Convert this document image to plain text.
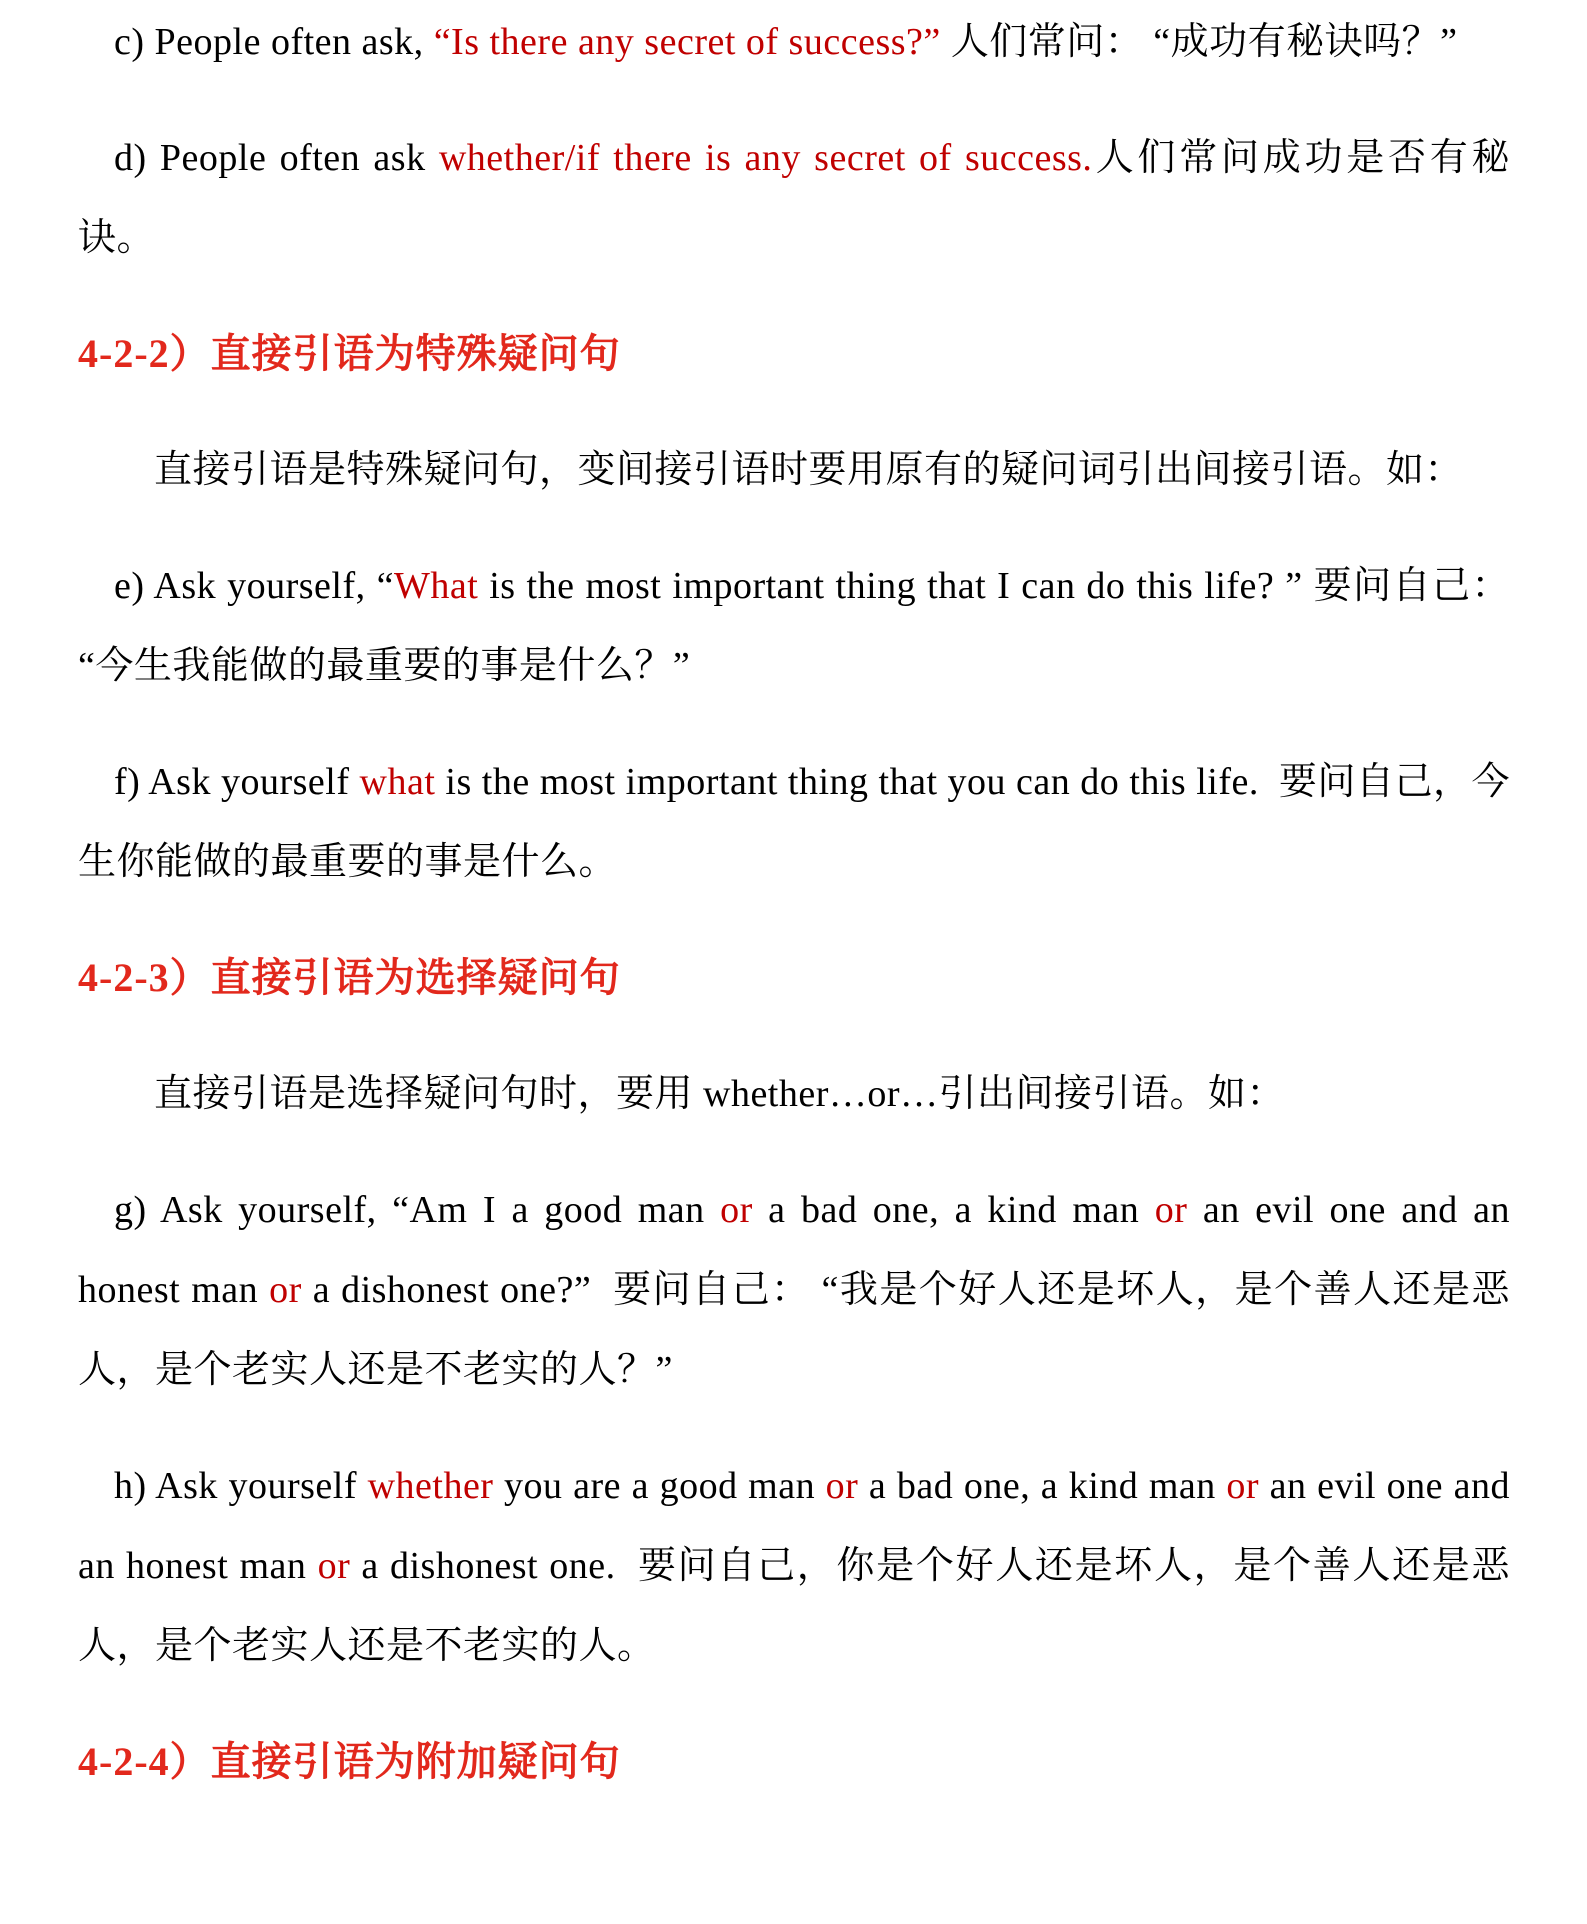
c) People often ask, “Is there any secret of success?” 人们常问： “成功有秘诀吗？”

d) People often ask whether/if there is any secret of success.人们常问成功是否有秘诀。

4-2-2）直接引语为特殊疑问句

直接引语是特殊疑问句，变间接引语时要用原有的疑问词引出间接引语。如：

e) Ask yourself, “What is the most important thing that I can do this life? ” 要问自己： “今生我能做的最重要的事是什么？”

f) Ask yourself what is the most important thing that you can do this life.  要问自己，今生你能做的最重要的事是什么。

4-2-3）直接引语为选择疑问句

直接引语是选择疑问句时，要用 whether…or…引出间接引语。如：

g) Ask yourself, “Am I a good man or a bad one, a kind man or an evil one and an honest man or a dishonest one?”  要问自己： “我是个好人还是坏人，是个善人还是恶人，是个老实人还是不老实的人？”

h) Ask yourself whether you are a good man or a bad one, a kind man or an evil one and an honest man or a dishonest one.  要问自己，你是个好人还是坏人，是个善人还是恶人，是个老实人还是不老实的人。

4-2-4）直接引语为附加疑问句
